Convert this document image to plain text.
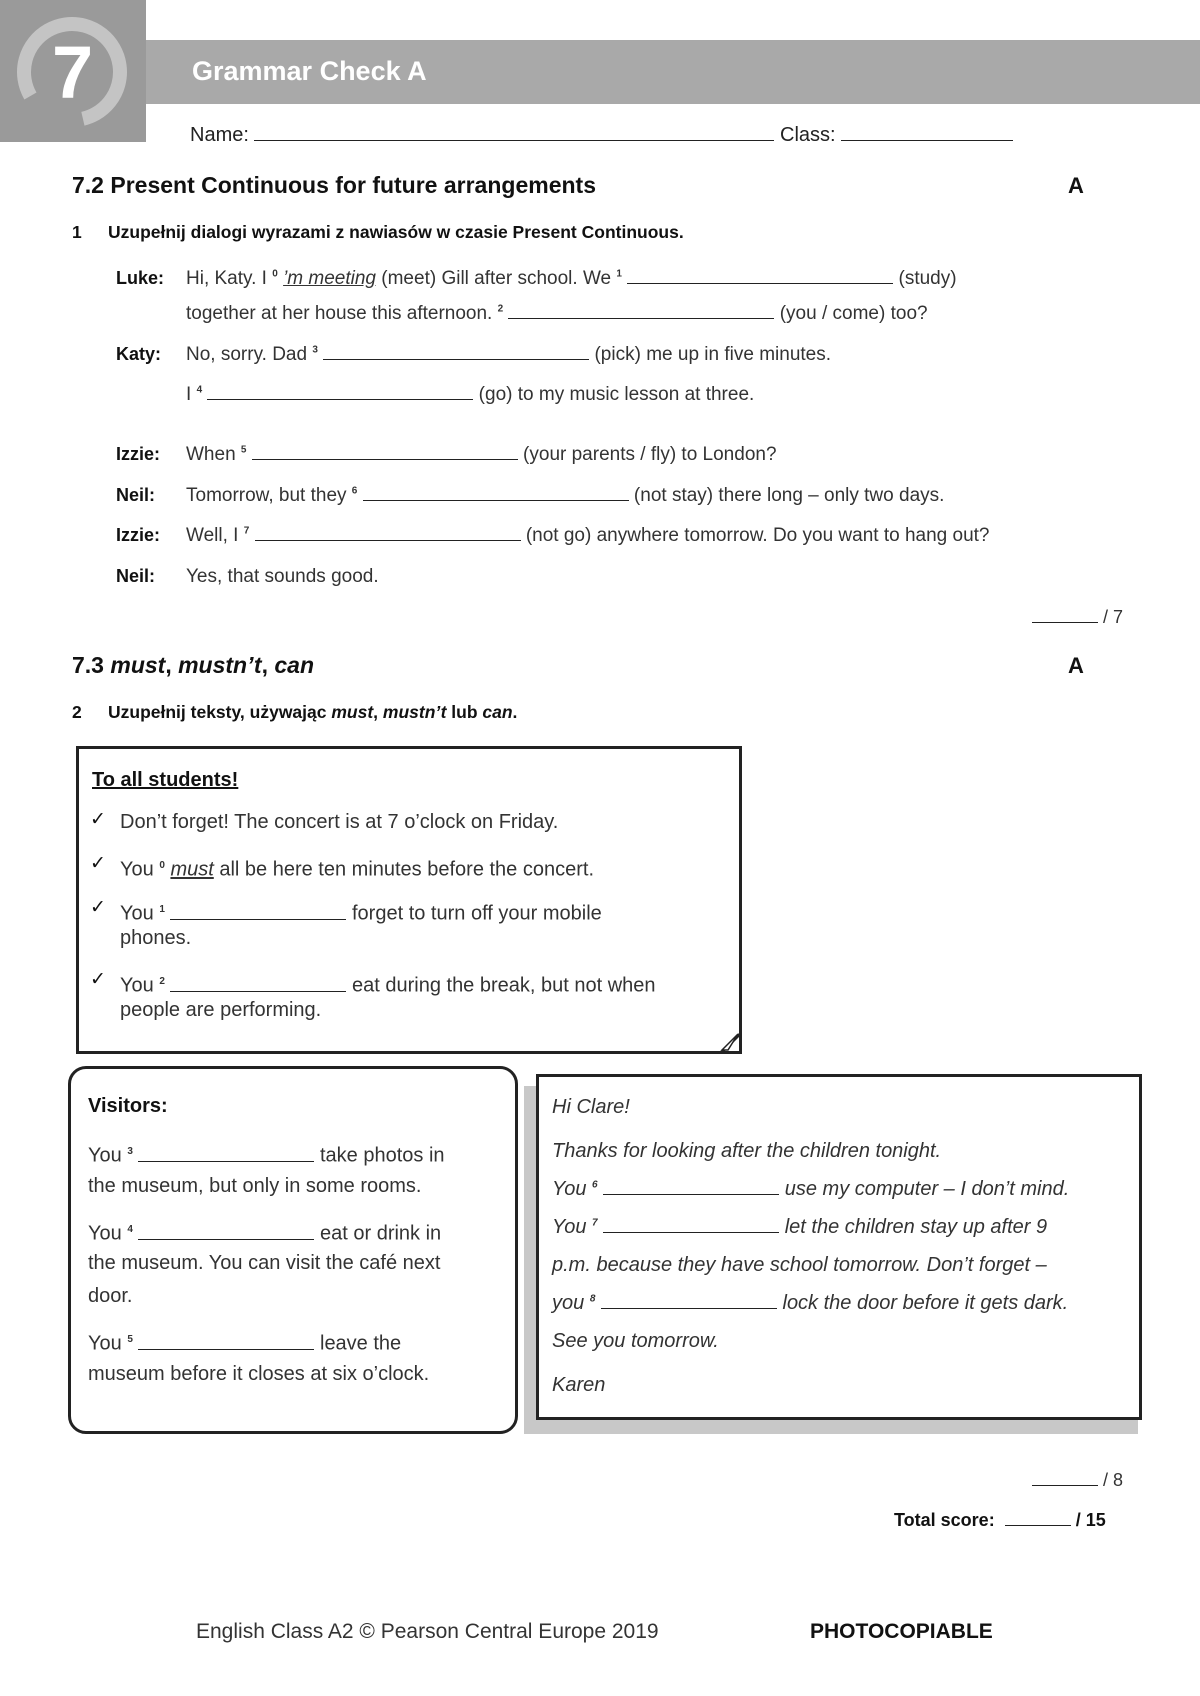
7	Grammar Check A
Name:	Class:
7.2 Present Continuous for future arrangements	A
1 Uzupełnij dialogi wyrazami z nawiasów w czasie Present Continuous.
Luke: Hi, Katy. I $^0$ ’m meeting (meet) Gill after school. We $^1$	(study)
together at her house this afternoon. $^2$	(you / come) too?
Katy: No, sorry. Dad $^3$	(pick) me up in five minutes.
I $^4$	(go) to my music lesson at three.
Izzie: When $^5$	(your parents / fly) to London?
Neil: Tomorrow, but they $^6$	(not stay) there long – only two days.
Izzie: Well, I $^7$	(not go) anywhere tomorrow. Do you want to hang out?
Neil: Yes, that sounds good.
/ 7
7.3 must, mustn’t, can	A
2 Uzupełnij teksty, używając must, mustn’t lub can.
To all students!
✓ Don’t forget! The concert is at 7 o’clock on Friday.
✓ You $^0$ must all be here ten minutes before the concert.
✓ You $^1$	forget to turn off your mobile
phones.
✓ You $^2$	eat during the break, but not when
people are performing.
Visitors:
You $^3$	take photos in
the museum, but only in some rooms.
You $^4$	eat or drink in
the museum. You can visit the café next
door.
You $^5$	leave the
museum before it closes at six o’clock.
Hi Clare!
Thanks for looking after the children tonight.
You $^6$	use my computer – I don’t mind.
You $^7$	let the children stay up after 9
p.m. because they have school tomorrow. Don’t forget –
you $^8$	lock the door before it gets dark.
See you tomorrow.
Karen
/ 8
Total score:	/ 15
English Class A2 © Pearson Central Europe 2019	PHOTOCOPIABLE
